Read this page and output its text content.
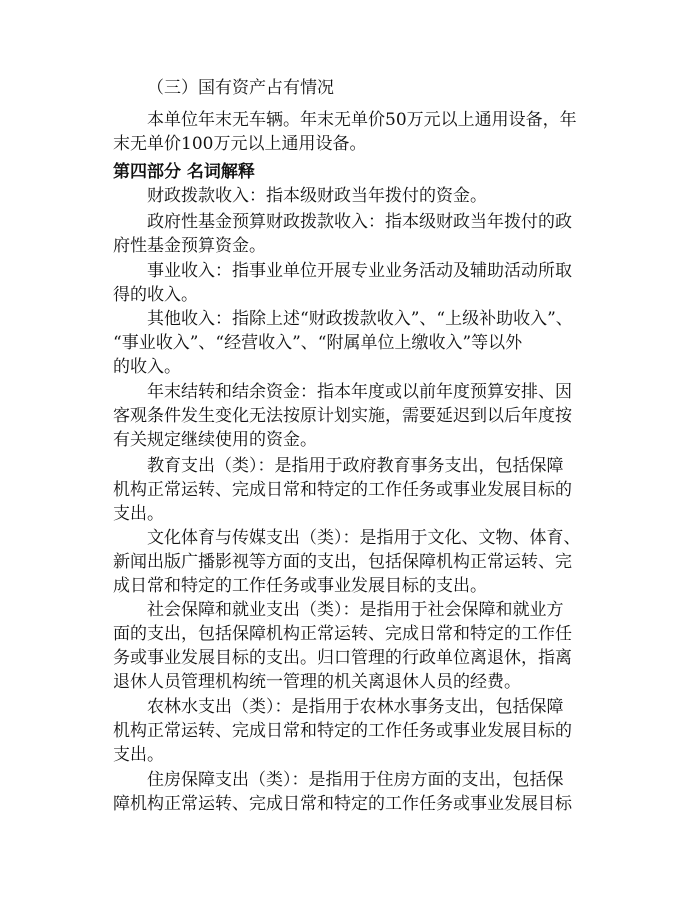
（三）国有资产占有情况
本单位年末无车辆。年末无单价50万元以上通用设备，年
末无单价100万元以上通用设备。
第四部分 名词解释
财政拨款收入：指本级财政当年拨付的资金。
政府性基金预算财政拨款收入：指本级财政当年拨付的政
府性基金预算资金。
事业收入：指事业单位开展专业业务活动及辅助活动所取
得的收入。
其他收入：指除上述“财政拨款收入”、“上级补助收入”、
“事业收入”、“经营收入”、“附属单位上缴收入”等以外
的收入。
年末结转和结余资金：指本年度或以前年度预算安排、因
客观条件发生变化无法按原计划实施，需要延迟到以后年度按
有关规定继续使用的资金。
教育支出（类）：是指用于政府教育事务支出，包括保障
机构正常运转、完成日常和特定的工作任务或事业发展目标的
支出。
文化体育与传媒支出（类）：是指用于文化、文物、体育、
新闻出版广播影视等方面的支出，包括保障机构正常运转、完
成日常和特定的工作任务或事业发展目标的支出。
社会保障和就业支出（类）：是指用于社会保障和就业方
面的支出，包括保障机构正常运转、完成日常和特定的工作任
务或事业发展目标的支出。归口管理的行政单位离退休，指离
退休人员管理机构统一管理的机关离退休人员的经费。
农林水支出（类）：是指用于农林水事务支出，包括保障
机构正常运转、完成日常和特定的工作任务或事业发展目标的
支出。
住房保障支出（类）：是指用于住房方面的支出，包括保
障机构正常运转、完成日常和特定的工作任务或事业发展目标
